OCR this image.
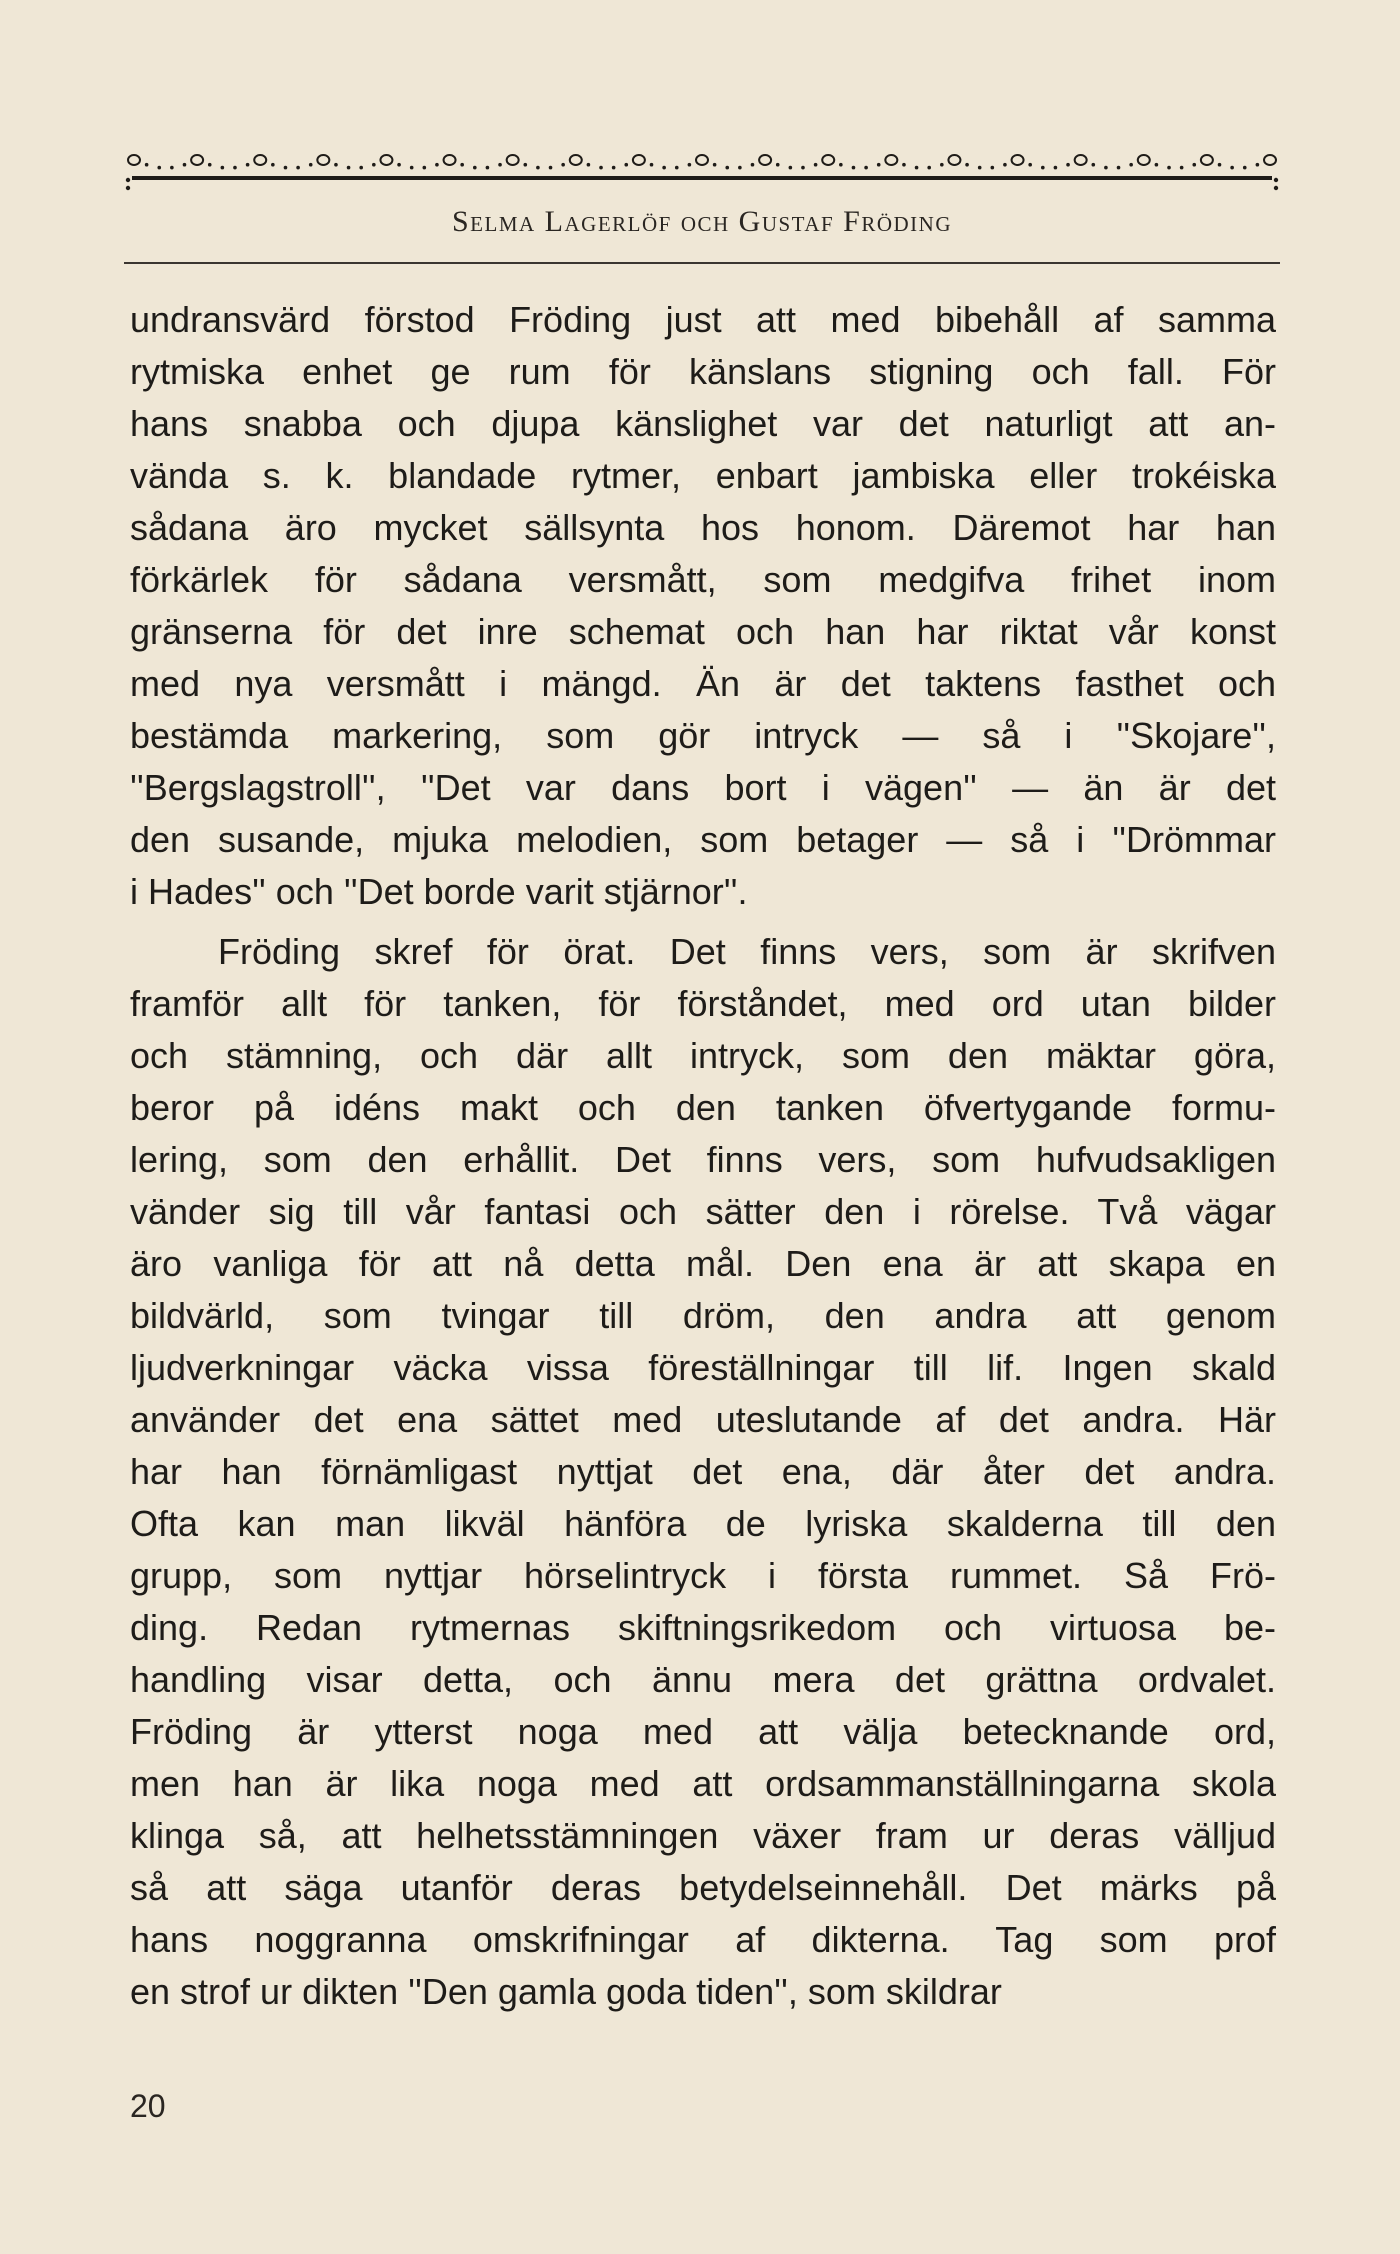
Selma Lagerlöf och Gustaf Fröding
undransvärd förstod Fröding just att med bibehåll af samma
rytmiska enhet ge rum för känslans stigning och fall. För
hans snabba och djupa känslighet var det naturligt att an-
vända s. k. blandade rytmer, enbart jambiska eller trokéiska
sådana äro mycket sällsynta hos honom. Däremot har han
förkärlek för sådana versmått, som medgifva frihet inom
gränserna för det inre schemat och han har riktat vår konst
med nya versmått i mängd. Än är det taktens fasthet och
bestämda markering, som gör intryck — så i ''Skojare'',
''Bergslagstroll'', ''Det var dans bort i vägen'' — än är det
den susande, mjuka melodien, som betager — så i ''Drömmar
i Hades'' och ''Det borde varit stjärnor''.
Fröding skref för örat. Det finns vers, som är skrifven
framför allt för tanken, för förståndet, med ord utan bilder
och stämning, och där allt intryck, som den mäktar göra,
beror på idéns makt och den tanken öfvertygande formu-
lering, som den erhållit. Det finns vers, som hufvudsakligen
vänder sig till vår fantasi och sätter den i rörelse. Två vägar
äro vanliga för att nå detta mål. Den ena är att skapa en
bildvärld, som tvingar till dröm, den andra att genom
ljudverkningar väcka vissa föreställningar till lif. Ingen skald
använder det ena sättet med uteslutande af det andra. Här
har han förnämligast nyttjat det ena, där åter det andra.
Ofta kan man likväl hänföra de lyriska skalderna till den
grupp, som nyttjar hörselintryck i första rummet. Så Frö-
ding. Redan rytmernas skiftningsrikedom och virtuosa be-
handling visar detta, och ännu mera det grättna ordvalet.
Fröding är ytterst noga med att välja betecknande ord,
men han är lika noga med att ordsammanställningarna skola
klinga så, att helhetsstämningen växer fram ur deras välljud
så att säga utanför deras betydelseinnehåll. Det märks på
hans noggranna omskrifningar af dikterna. Tag som prof
en strof ur dikten ''Den gamla goda tiden'', som skildrar
20
